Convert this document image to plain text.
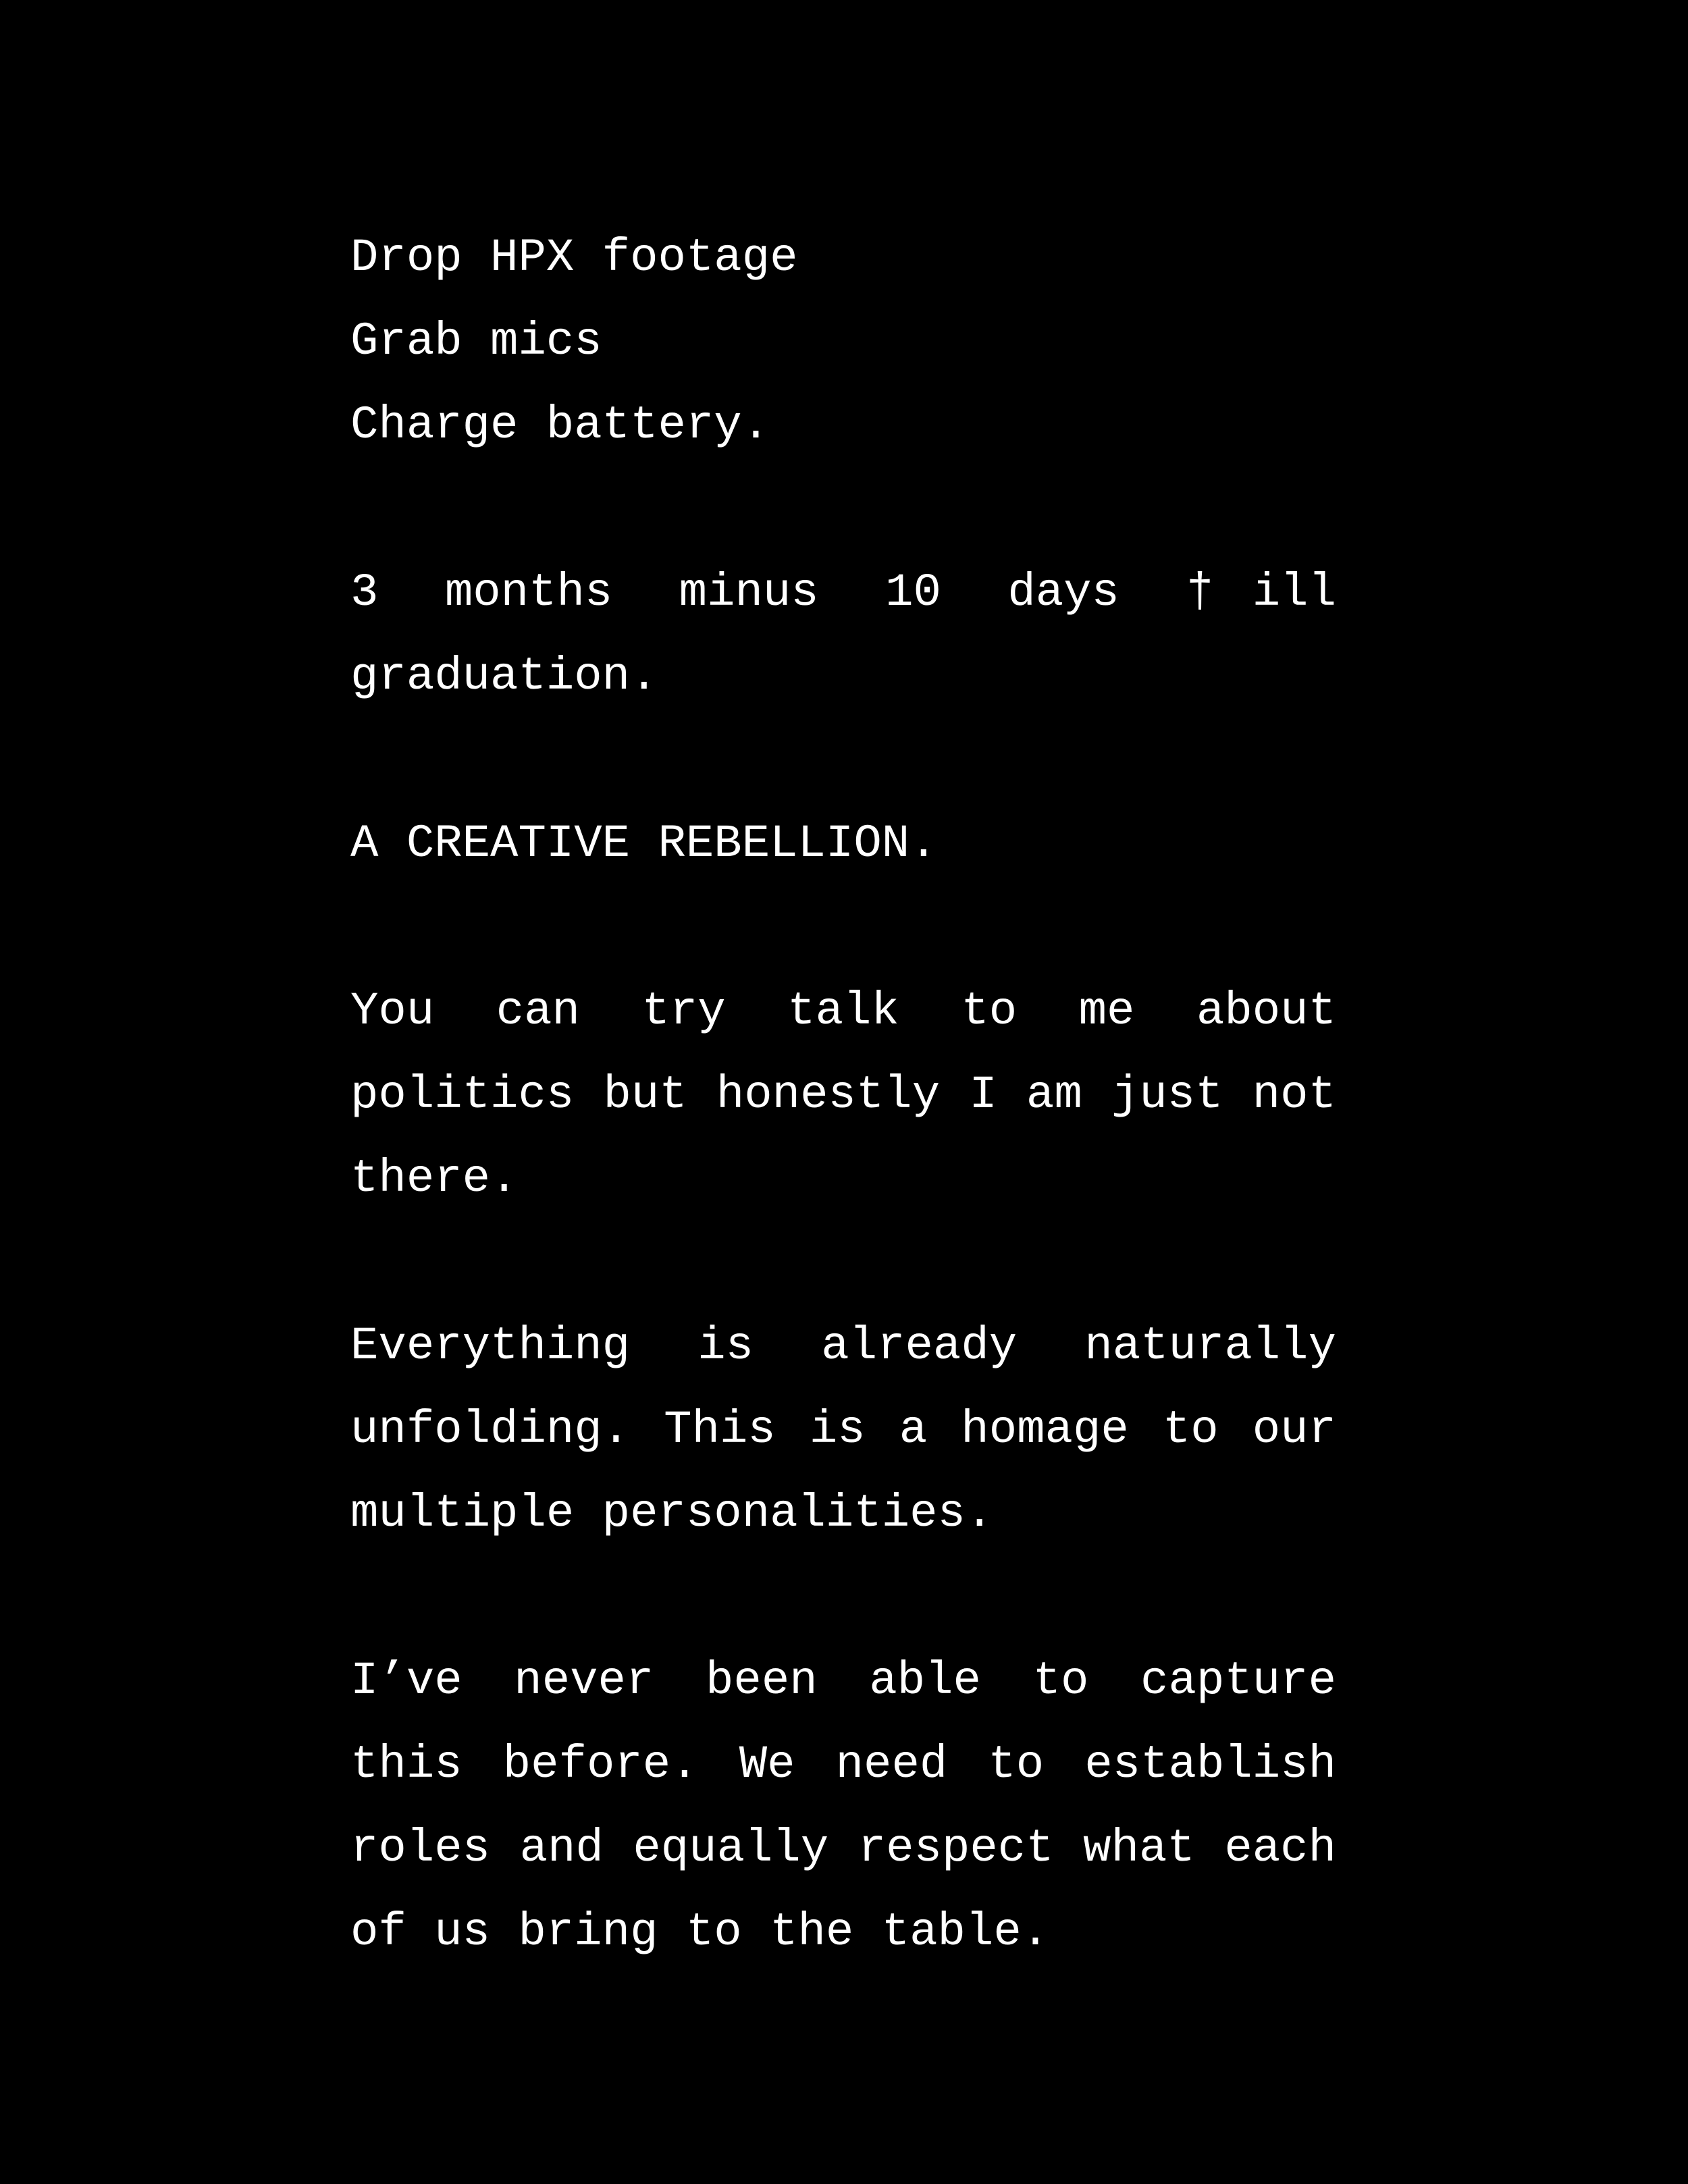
Drop HPX footage
Grab mics
Charge battery.
3 months minus 10 days †ill
graduation.
A CREATIVE REBELLION.
You can try talk to me about
politics but honestly I am just not
there.
Everything is already naturally
unfolding. This is a homage to our
multiple personalities.
I’ve never been able to capture
this before. We need to establish
roles and equally respect what each
of us bring to the table.
